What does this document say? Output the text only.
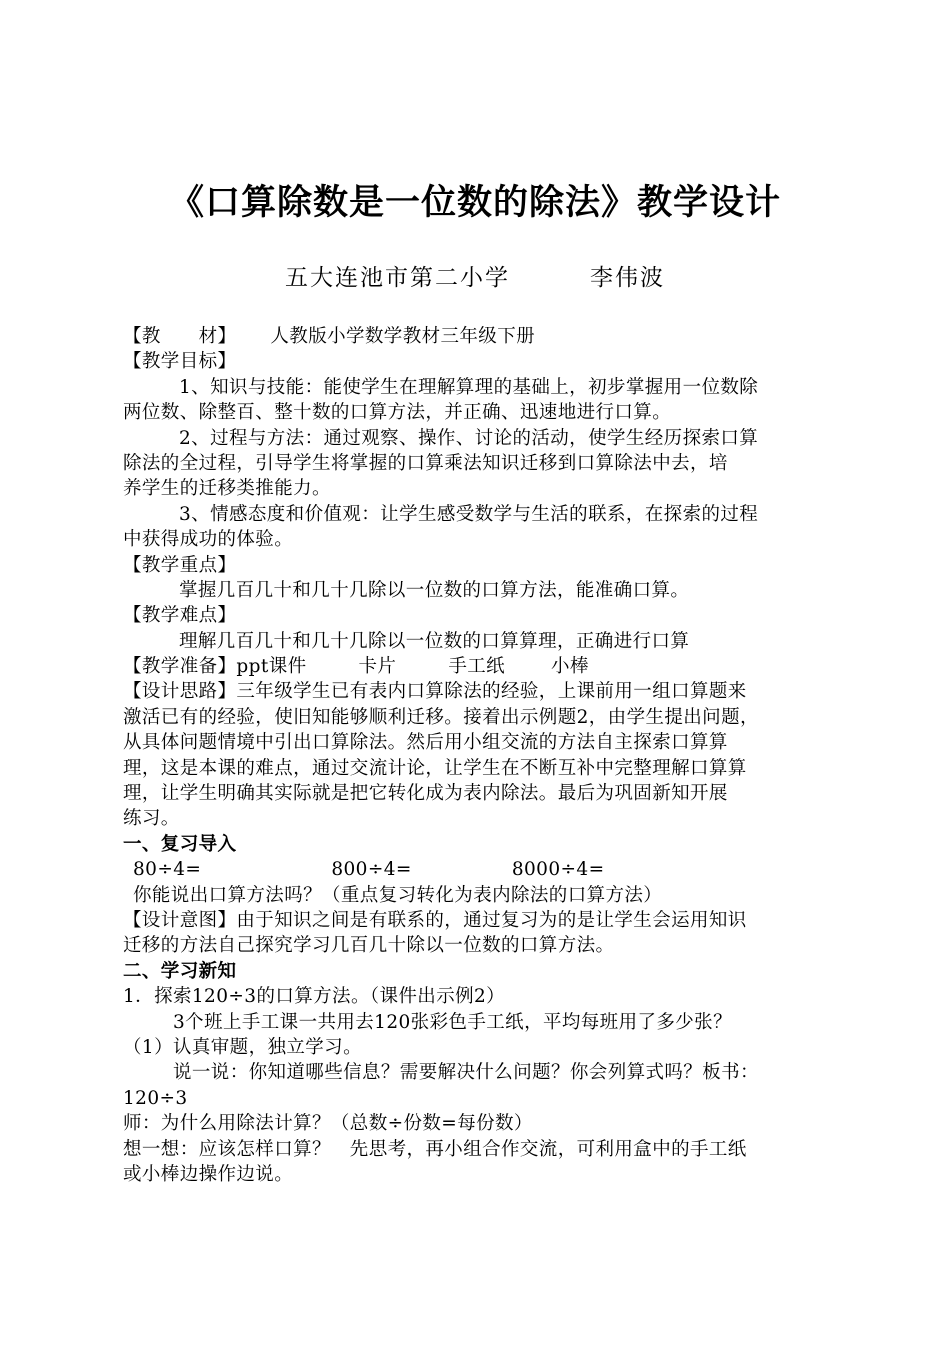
《口算除数是一位数的除法》教学设计
五大连池市第二小学	李伟波
【教　　材】 人教版小学数学教材三年级下册
【教学目标】
1、知识与技能：能使学生在理解算理的基础上，初步掌握用一位数除
两位数、除整百、整十数的口算方法，并正确、迅速地进行口算。
2、过程与方法：通过观察、操作、讨论的活动，使学生经历探索口算
除法的全过程，引导学生将掌握的口算乘法知识迁移到口算除法中去，培
养学生的迁移类推能力。
3、情感态度和价值观：让学生感受数学与生活的联系，在探索的过程
中获得成功的体验。
【教学重点】
掌握几百几十和几十几除以一位数的口算方法，能准确口算。
【教学难点】
理解几百几十和几十几除以一位数的口算算理，正确进行口算
【教学准备】ppt课件	卡片	手工纸 小棒
【设计思路】三年级学生已有表内口算除法的经验，上课前用一组口算题来
激活已有的经验，使旧知能够顺利迁移。接着出示例题2，由学生提出问题，
从具体问题情境中引出口算除法。然后用小组交流的方法自主探索口算算
理，这是本课的难点，通过交流计论，让学生在不断互补中完整理解口算算
理，让学生明确其实际就是把它转化成为表内除法。最后为巩固新知开展
练习。
一、复习导入
80÷4=	800÷4=	8000÷4=
你能说出口算方法吗？（重点复习转化为表内除法的口算方法）
【设计意图】由于知识之间是有联系的，通过复习为的是让学生会运用知识
迁移的方法自己探究学习几百几十除以一位数的口算方法。
二、学习新知
1．探索120÷3的口算方法。（课件出示例2）
3个班上手工课一共用去120张彩色手工纸，平均每班用了多少张？
（1）认真审题，独立学习。
说一说：你知道哪些信息？需要解决什么问题？你会列算式吗？板书：
120÷3
师：为什么用除法计算？（总数÷份数=每份数）
想一想：应该怎样口算？　先思考，再小组合作交流，可利用盒中的手工纸
或小棒边操作边说。
